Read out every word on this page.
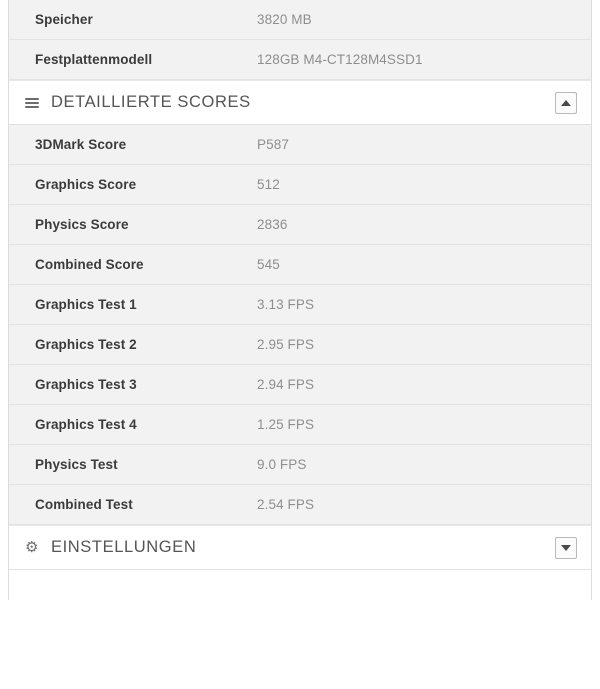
Speicher	3820 MB
Festplattenmodell	128GB M4-CT128M4SSD1
DETAILLIERTE SCORES
3DMark Score	P587
Graphics Score	512
Physics Score	2836
Combined Score	545
Graphics Test 1	3.13 FPS
Graphics Test 2	2.95 FPS
Graphics Test 3	2.94 FPS
Graphics Test 4	1.25 FPS
Physics Test	9.0 FPS
Combined Test	2.54 FPS
⚙ EINSTELLUNGEN
